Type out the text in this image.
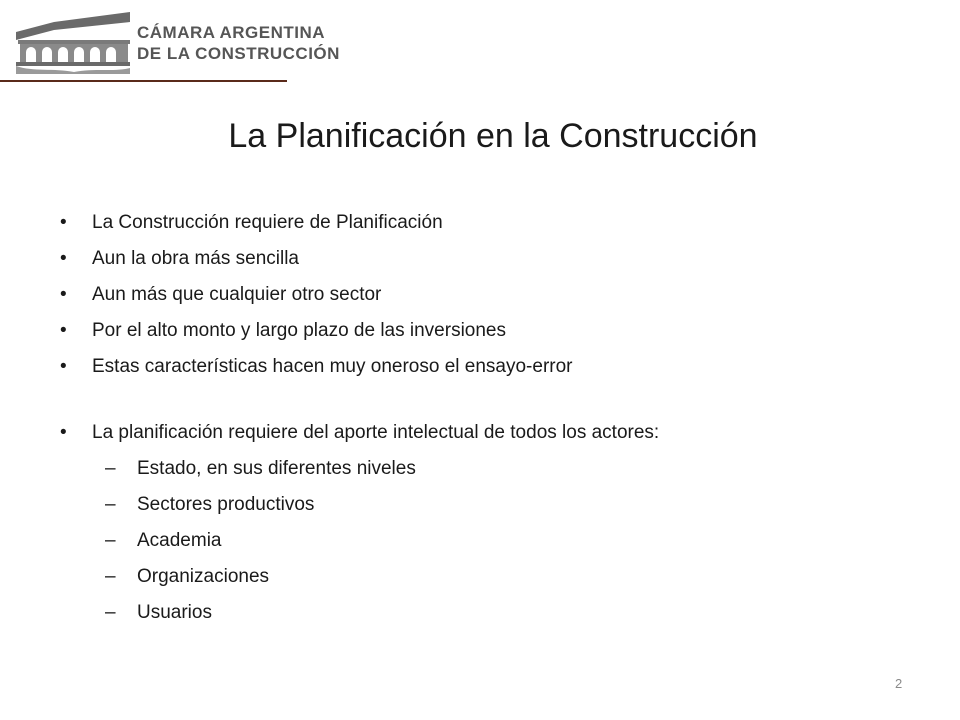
CÁMARA ARGENTINA
DE LA CONSTRUCCIÓN
La Planificación en la Construcción
• La Construcción requiere de Planificación
• Aun la obra más sencilla
• Aun más que cualquier otro sector
• Por el alto monto y largo plazo de las inversiones
• Estas características hacen muy oneroso el ensayo-error
• La planificación requiere del aporte intelectual de todos los actores:
– Estado, en sus diferentes niveles
– Sectores productivos
– Academia
– Organizaciones
– Usuarios
2
